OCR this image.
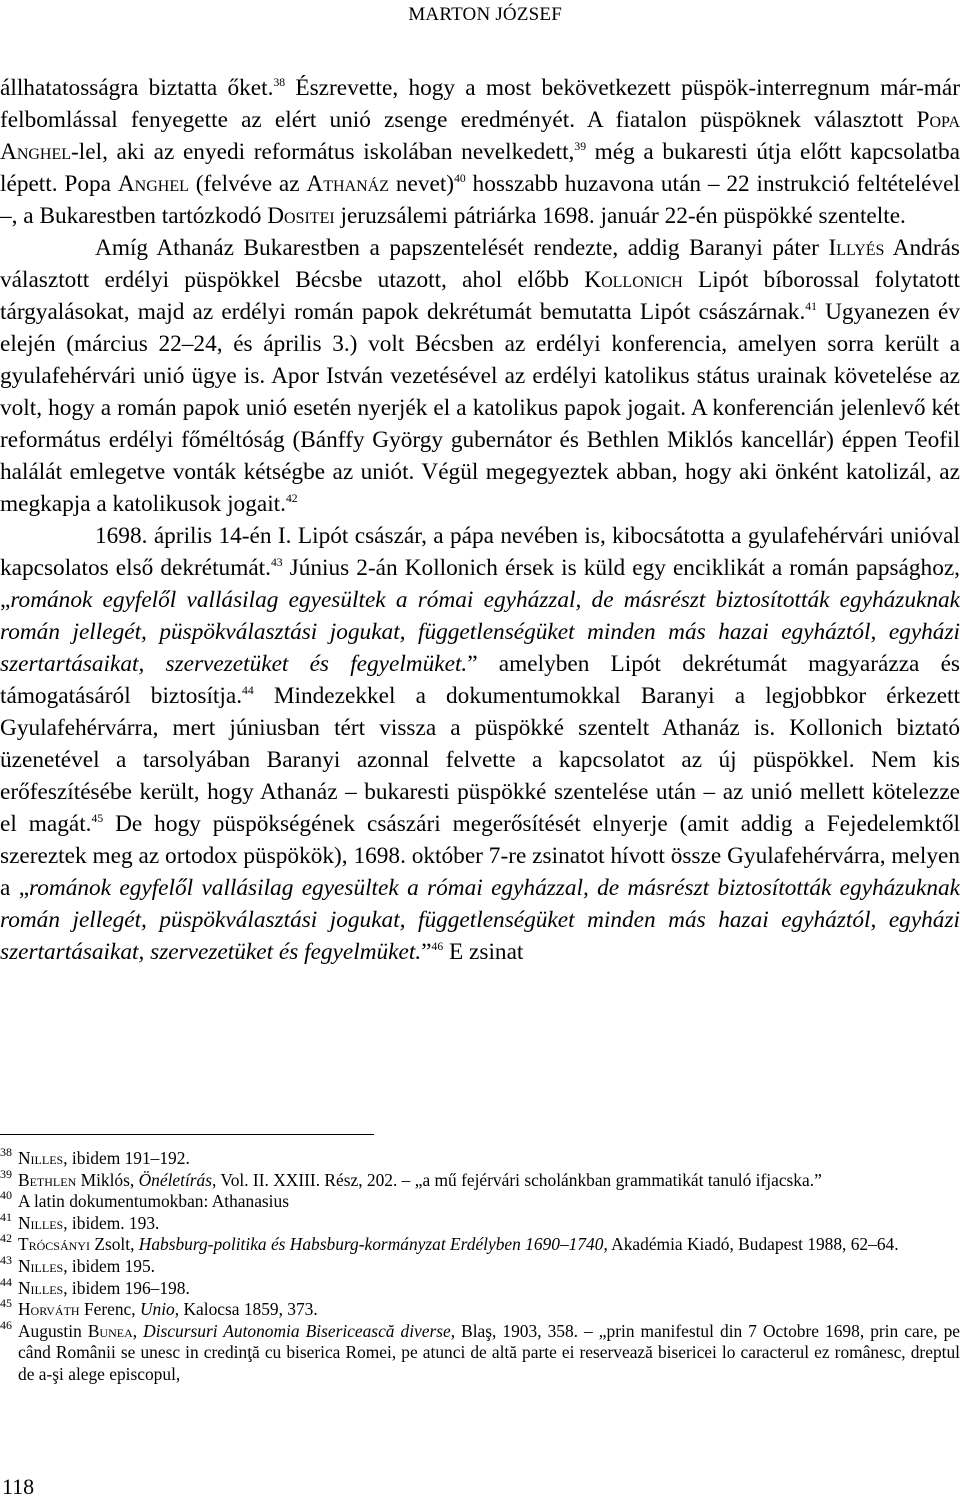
MARTON JÓZSEF

állhatatosságra biztatta őket.$^{38}$ Észrevette, hogy a most bekövetkezett püspök-interregnum már-már felbomlással fenyegette az elért unió zsenge eredményét. A fiatalon püspöknek választott Popa Anghel-lel, aki az enyedi református iskolában nevelkedett,$^{39}$ még a bukaresti útja előtt kapcsolatba lépett. Popa Anghel (felvéve az Athanáz nevet)$^{40}$ hosszabb huzavona után – 22 instrukció feltételével –, a Bukarestben tartózkodó Dositei jeruzsálemi pátriárka 1698. január 22-én püspökké szentelte.

Amíg Athanáz Bukarestben a papszentelését rendezte, addig Baranyi páter Illyés András választott erdélyi püspökkel Bécsbe utazott, ahol előbb Kollonich Lipót bíborossal folytatott tárgyalásokat, majd az erdélyi román papok dekrétumát bemutatta Lipót császárnak.$^{41}$ Ugyanezen év elején (március 22–24, és április 3.) volt Bécsben az erdélyi konferencia, amelyen sorra került a gyulafehérvári unió ügye is. Apor István vezetésével az erdélyi katolikus státus urainak követelése az volt, hogy a román papok unió esetén nyerjék el a katolikus papok jogait. A konferencián jelenlevő két református erdélyi főméltóság (Bánffy György gubernátor és Bethlen Miklós kancellár) éppen Teofil halálát emlegetve vonták kétségbe az uniót. Végül megegyeztek abban, hogy aki önként katolizál, az megkapja a katolikusok jogait.$^{42}$

1698. április 14-én I. Lipót császár, a pápa nevében is, kibocsátotta a gyulafehérvári unióval kapcsolatos első dekrétumát.$^{43}$ Június 2-án Kollonich érsek is küld egy enciklikát a román papsághoz, „románok egyfelől vallásilag egyesültek a római egyházzal, de másrészt biztosították egyházuknak román jellegét, püspökválasztási jogukat, függetlenségüket minden más hazai egyháztól, egyházi szertartásaikat, szervezetüket és fegyelmüket.” amelyben Lipót dekrétumát magyarázza és támogatásáról biztosítja.$^{44}$ Mindezekkel a dokumentumokkal Baranyi a legjobbkor érkezett Gyulafehérvárra, mert júniusban tért vissza a püspökké szentelt Athanáz is. Kollonich biztató üzenetével a tarsolyában Baranyi azonnal felvette a kapcsolatot az új püspökkel. Nem kis erőfeszítésébe került, hogy Athanáz – bukaresti püspökké szentelése után – az unió mellett kötelezze el magát.$^{45}$ De hogy püspökségének császári megerősítését elnyerje (amit addig a Fejedelemktől szereztek meg az ortodox püspökök), 1698. október 7-re zsinatot hívott össze Gyulafehérvárra, melyen a „románok egyfelől vallásilag egyesültek a római egyházzal, de másrészt biztosították egyházuknak román jellegét, püspökválasztási jogukat, függetlenségüket minden más hazai egyháztól, egyházi szertartásaikat, szervezetüket és fegyelmüket.”$^{46}$ E zsinat

38 Nilles, ibidem 191–192.
39 Bethlen Miklós, Önéletírás, Vol. II. XXIII. Rész, 202. – „a mű fejérvári scholánkban grammatikát tanuló ifjacska.”
40 A latin dokumentumokban: Athanasius
41 Nilles, ibidem. 193.
42 Trócsányi Zsolt, Habsburg-politika és Habsburg-kormányzat Erdélyben 1690–1740, Akadémia Kiadó, Budapest 1988, 62–64.
43 Nilles, ibidem 195.
44 Nilles, ibidem 196–198.
45 Horváth Ferenc, Unio, Kalocsa 1859, 373.
46 Augustin Bunea, Discursuri Autonomia Bisericească diverse, Blaş, 1903, 358. – „prin manifestul din 7 Octobre 1698, prin care, pe când Românii se unesc in credinţă cu biserica Romei, pe atunci de altă parte ei reservează bisericei lo caracterul ez românesc, dreptul de a-şi alege episcopul,
118
